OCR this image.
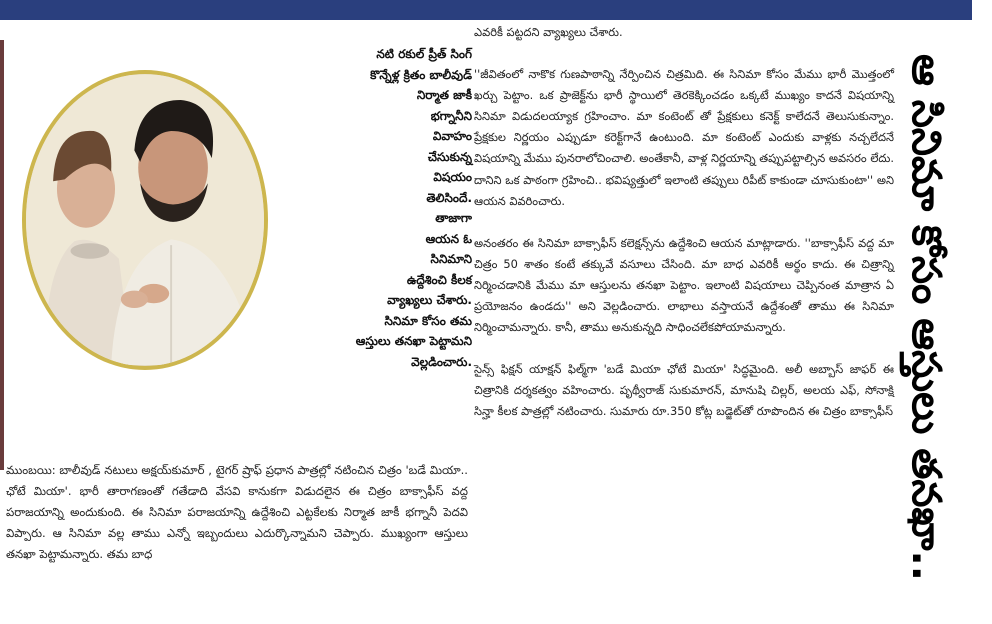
నటి రకుల్ ప్రీత్ సింగ్
కొన్నేళ్ల క్రితం బాలీవుడ్
నిర్మాత జాకీ
భగ్నానీని
వివాహం
చేసుకున్న
విషయం
తెలిసిందే.
తాజాగా
ఆయన ఓ
సినిమాని
ఉద్దేశించి కీలక
వ్యాఖ్యలు చేశారు.
సినిమా కోసం తమ
ఆస్తులు తనఖా పెట్టామని
వెల్లడించారు.
ముంబయి: బాలీవుడ్ నటులు అక్షయ్‌కుమార్ , టైగర్ ష్రాఫ్ ప్రధాన పాత్రల్లో నటించిన చిత్రం 'బడే మియా.. ఛోటే మియా'. భారీ తారాగణంతో గతేడాది వేసవి కానుకగా విడుదలైన ఈ చిత్రం బాక్సాఫీస్ వద్ద పరాజయాన్ని అందుకుంది. ఈ సినిమా పరాజయాన్ని ఉద్దేశించి ఎట్టకేలకు నిర్మాత జాకీ భగ్నానీ పెదవి విప్పారు. ఆ సినిమా వల్ల తాము ఎన్నో ఇబ్బందులు ఎదుర్కొన్నామని చెప్పారు. ముఖ్యంగా ఆస్తులు తనఖా పెట్టామన్నారు. తమ బాధ
ఎవరికీ పట్టదని వ్యాఖ్యలు చేశారు.
''జీవితంలో నాకొక గుణపాఠాన్ని నేర్పించిన చిత్రమిది. ఈ సినిమా కోసం మేము భారీ మొత్తంలో ఖర్చు పెట్టాం. ఒక ప్రాజెక్ట్‌ను భారీ స్థాయిలో తెరకెక్కించడం ఒక్కటే ముఖ్యం కాదనే విషయాన్ని సినిమా విడుదలయ్యాక గ్రహించాం. మా కంటెంట్ తో ప్రేక్షకులు కనెక్ట్ కాలేదనే తెలుసుకున్నాం. ప్రేక్షకుల నిర్ణయం ఎప్పుడూ కరెక్ట్‌గానే ఉంటుంది. మా కంటెంట్ ఎందుకు వాళ్లకు నచ్చలేదనే విషయాన్ని మేము పునరాలోచించాలి. అంతేకానీ, వాళ్ల నిర్ణయాన్ని తప్పుపట్టాల్సిన అవసరం లేదు. దానిని ఒక పాఠంగా గ్రహించి.. భవిష్యత్తులో ఇలాంటి తప్పులు రిపీట్ కాకుండా చూసుకుంటా'' అని ఆయన వివరించారు.
అనంతరం ఈ సినిమా బాక్సాఫీస్ కలెక్షన్స్‌ను ఉద్దేశించి ఆయన మాట్లాడారు. ''బాక్సాఫీస్ వద్ద మా చిత్రం 50 శాతం కంటే తక్కువే వసూలు చేసింది. మా బాధ ఎవరికీ అర్థం కాదు. ఈ చిత్రాన్ని నిర్మించడానికి మేము మా ఆస్తులను తనఖా పెట్టాం. ఇలాంటి విషయాలు చెప్పినంత మాత్రాన ఏ ప్రయోజనం ఉండదు'' అని వెల్లడించారు. లాభాలు వస్తాయనే ఉద్దేశంతో తాము ఈ సినిమా నిర్మించామన్నారు. కానీ, తాము అనుకున్నది సాధించలేకపోయామన్నారు.
సైన్స్ ఫిక్షన్ యాక్షన్ ఫిల్మ్‌గా 'బడే మియా ఛోటే మియా' సిద్ధమైంది. అలీ అబ్బాస్ జాఫర్ ఈ చిత్రానికి దర్శకత్వం వహించారు. పృథ్వీరాజ్ సుకుమారన్, మానుషి చిల్లర్, అలయ ఎఫ్, సోనాక్షి సిన్హా కీలక పాత్రల్లో నటించారు. సుమారు రూ.350 కోట్ల బడ్జెట్‌తో రూపొందిన ఈ చిత్రం బాక్సాఫీస్ ఆ సినిమా కోసం ఆస్తులు తనఖా..
